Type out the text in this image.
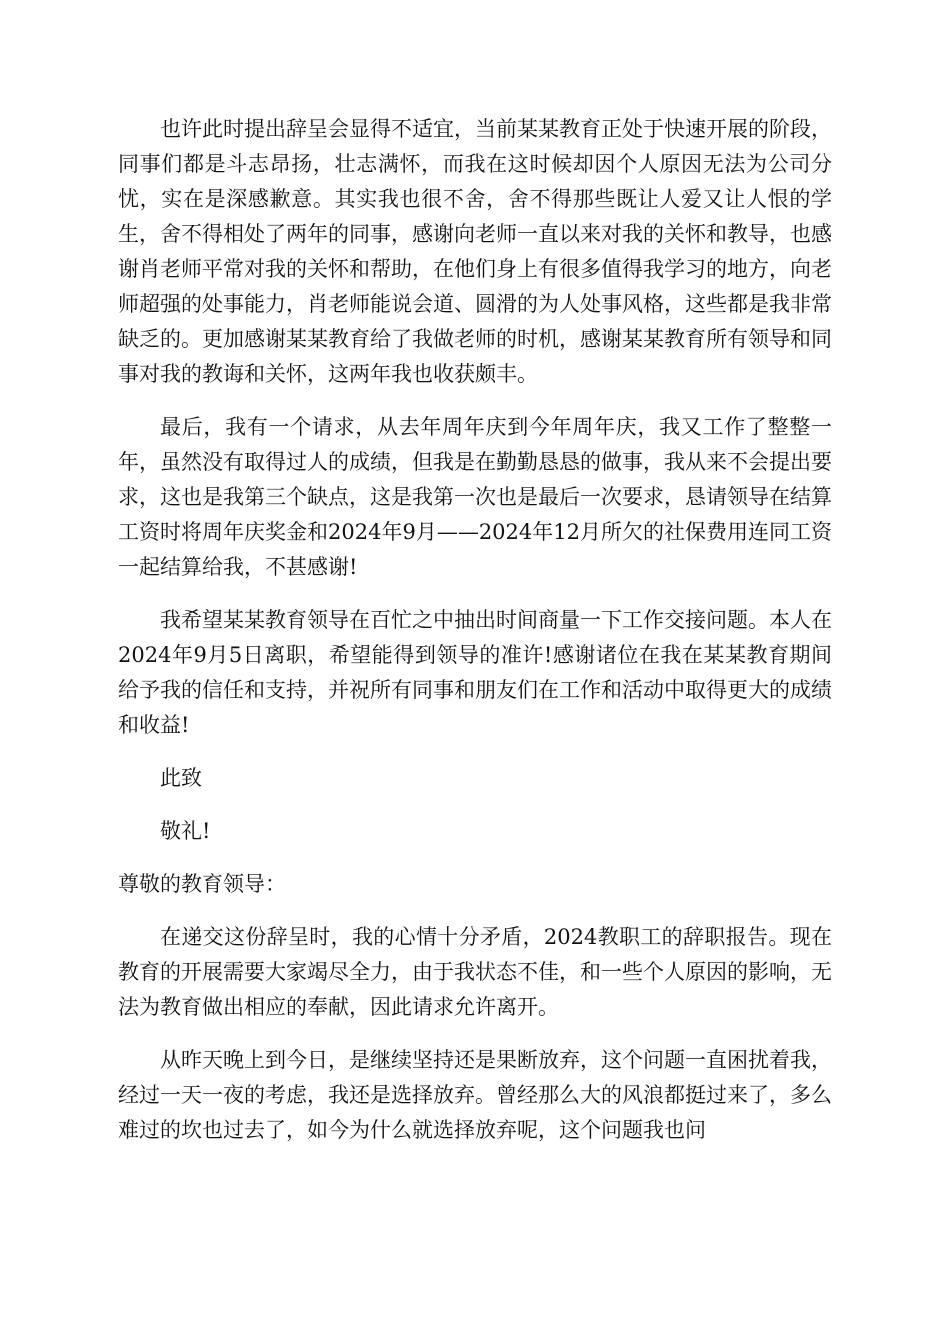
也许此时提出辞呈会显得不适宜，当前某某教育正处于快速开展的阶段，同事们都是斗志昂扬，壮志满怀，而我在这时候却因个人原因无法为公司分忧，实在是深感歉意。其实我也很不舍，舍不得那些既让人爱又让人恨的学生，舍不得相处了两年的同事，感谢向老师一直以来对我的关怀和教导，也感谢肖老师平常对我的关怀和帮助，在他们身上有很多值得我学习的地方，向老师超强的处事能力，肖老师能说会道、圆滑的为人处事风格，这些都是我非常缺乏的。更加感谢某某教育给了我做老师的时机，感谢某某教育所有领导和同事对我的教诲和关怀，这两年我也收获颇丰。

最后，我有一个请求，从去年周年庆到今年周年庆，我又工作了整整一年，虽然没有取得过人的成绩，但我是在勤勤恳恳的做事，我从来不会提出要求，这也是我第三个缺点，这是我第一次也是最后一次要求，恳请领导在结算工资时将周年庆奖金和2024年9月——2024年12月所欠的社保费用连同工资一起结算给我，不甚感谢!

我希望某某教育领导在百忙之中抽出时间商量一下工作交接问题。本人在2024年9月5日离职，希望能得到领导的准许!感谢诸位在我在某某教育期间给予我的信任和支持，并祝所有同事和朋友们在工作和活动中取得更大的成绩和收益!

此致

敬礼!

尊敬的教育领导：

在递交这份辞呈时，我的心情十分矛盾，2024教职工的辞职报告。现在教育的开展需要大家竭尽全力，由于我状态不佳，和一些个人原因的影响，无法为教育做出相应的奉献，因此请求允许离开。

从昨天晚上到今日，是继续坚持还是果断放弃，这个问题一直困扰着我，经过一天一夜的考虑，我还是选择放弃。曾经那么大的风浪都挺过来了，多么难过的坎也过去了，如今为什么就选择放弃呢，这个问题我也问
